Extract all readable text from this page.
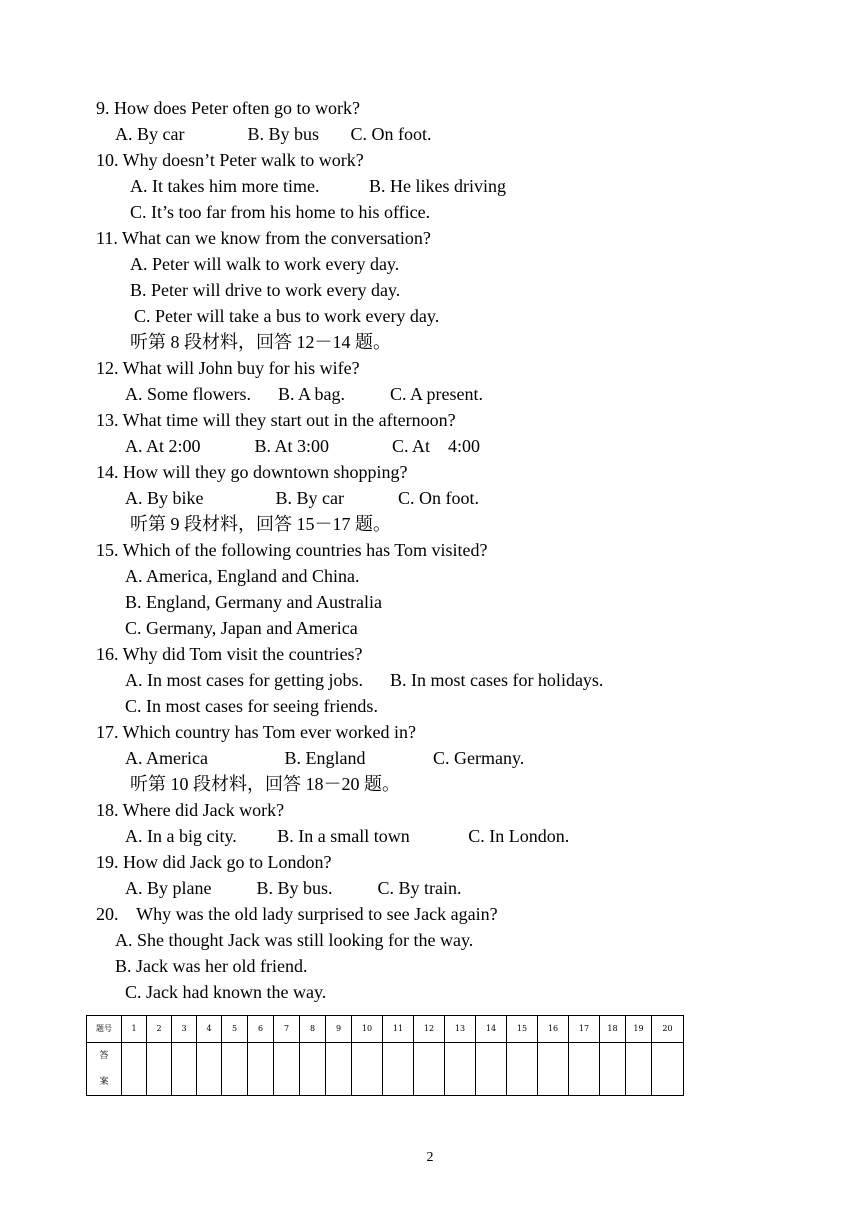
9. How does Peter often go to work?
A. By car              B. By bus       C. On foot.
10. Why doesn’t Peter walk to work?
A. It takes him more time.           B. He likes driving
C. It’s too far from his home to his office.
11. What can we know from the conversation?
A. Peter will walk to work every day.
B. Peter will drive to work every day.
C. Peter will take a bus to work every day.
听第 8 段材料，回答 12－14 题。
12. What will John buy for his wife?
A. Some flowers.      B. A bag.          C. A present.
13. What time will they start out in the afternoon?
A. At 2:00            B. At 3:00              C. At    4:00
14. How will they go downtown shopping?
A. By bike                B. By car            C. On foot.
听第 9 段材料，回答 15－17 题。
15. Which of the following countries has Tom visited?
A. America, England and China.
B. England, Germany and Australia
C. Germany, Japan and America
16. Why did Tom visit the countries?
A. In most cases for getting jobs.      B. In most cases for holidays.
C. In most cases for seeing friends.
17. Which country has Tom ever worked in?
A. America                 B. England               C. Germany.
听第 10 段材料，回答 18－20 题。
18. Where did Jack work?
A. In a big city.         B. In a small town             C. In London.
19. How did Jack go to London?
A. By plane          B. By bus.          C. By train.
20.    Why was the old lady surprised to see Jack again?
A. She thought Jack was still looking for the way.
B. Jack was her old friend.
C. Jack had known the way.
题号	1	2	3	4	5	6	7	8	9	10	11	12	13	14	15	16	17	18	19	20
答
案																				
2
